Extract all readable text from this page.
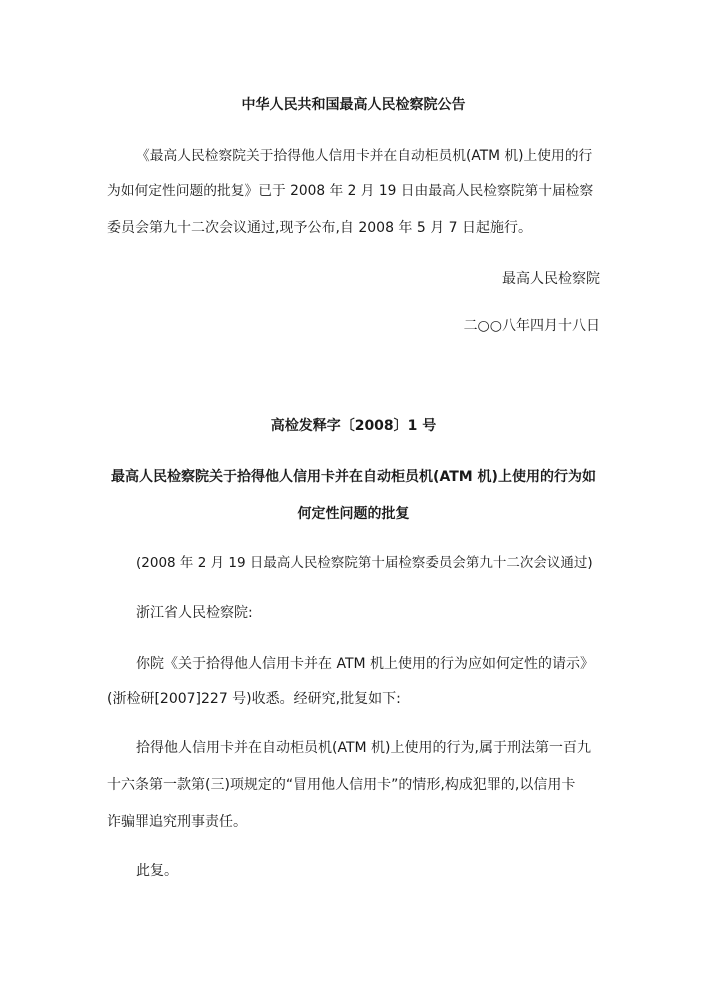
中华人民共和国最高人民检察院公告
《最高人民检察院关于拾得他人信用卡并在自动柜员机(ATM 机)上使用的行
为如何定性问题的批复》已于 2008 年 2 月 19 日由最高人民检察院第十届检察
委员会第九十二次会议通过,现予公布,自 2008 年 5 月 7 日起施行。
最高人民检察院
二○○八年四月十八日
高检发释字〔2008〕1 号
最高人民检察院关于拾得他人信用卡并在自动柜员机(ATM 机)上使用的行为如
何定性问题的批复
(2008 年 2 月 19 日最高人民检察院第十届检察委员会第九十二次会议通过)
浙江省人民检察院:
你院《关于拾得他人信用卡并在 ATM 机上使用的行为应如何定性的请示》
(浙检研[2007]227 号)收悉。经研究,批复如下:
拾得他人信用卡并在自动柜员机(ATM 机)上使用的行为,属于刑法第一百九
十六条第一款第(三)项规定的“冒用他人信用卡”的情形,构成犯罪的,以信用卡
诈骗罪追究刑事责任。
此复。
